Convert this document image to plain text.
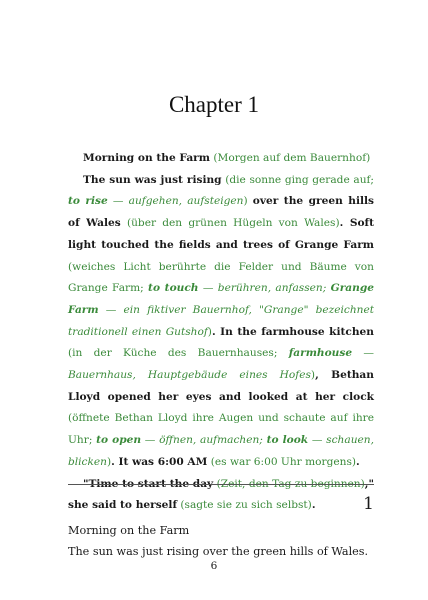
Chapter 1

Morning on the Farm (Morgen auf dem Bauernhof)

The sun was just rising (die sonne ging gerade auf; to rise — aufgehen, aufsteigen) over the green hills of Wales (über den grünen Hügeln von Wales). Soft light touched the fields and trees of Grange Farm (weiches Licht berührte die Felder und Bäume von Grange Farm; to touch — berühren, anfassen; Grange Farm — ein fiktiver Bauernhof, "Grange" bezeichnet traditionell einen Gutshof). In the farmhouse kitchen (in der Küche des Bauernhauses; farmhouse — Bauernhaus, Hauptgebäude eines Hofes), Bethan Lloyd opened her eyes and looked at her clock (öffnete Bethan Lloyd ihre Augen und schaute auf ihre Uhr; to open — öffnen, aufmachen; to look — schauen, blicken). It was 6:00 AM (es war 6:00 Uhr morgens).

"Time to start the day (Zeit, den Tag zu beginnen)," she said to herself (sagte sie zu sich selbst).	1

Morning on the Farm

The sun was just rising over the green hills of Wales.

6
